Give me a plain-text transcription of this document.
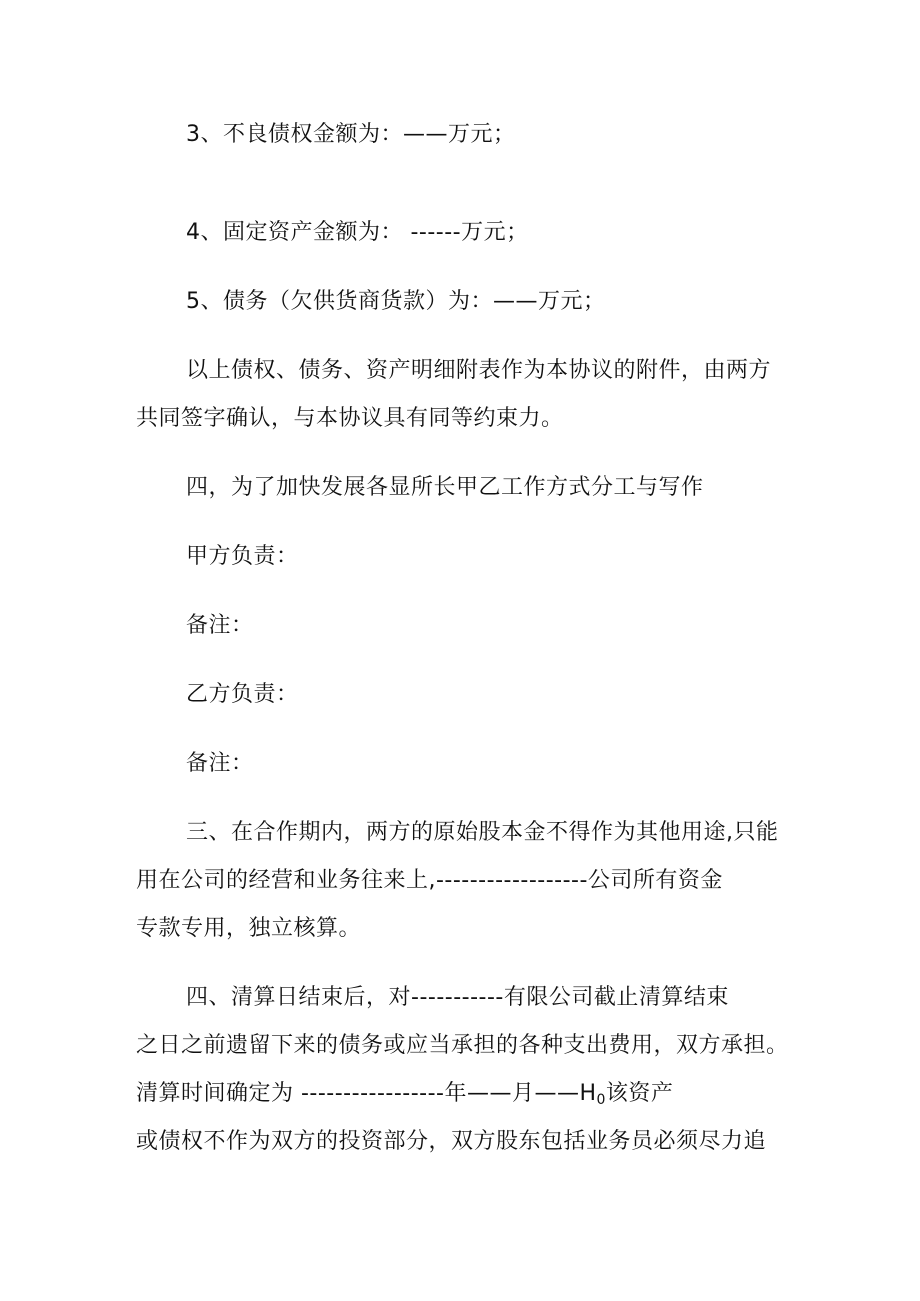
3、不良债权金额为：——万元；
4、固定资产金额为： ------万元；
5、债务（欠供货商货款）为：——万元；
以上债权、债务、资产明细附表作为本协议的附件，由两方
共同签字确认，与本协议具有同等约束力。
四，为了加快发展各显所长甲乙工作方式分工与写作
甲方负责：
备注：
乙方负责：
备注：
三、在合作期内，两方的原始股本金不得作为其他用途,只能
用在公司的经营和业务往来上,------------------公司所有资金
专款专用，独立核算。
四、清算日结束后，对-----------有限公司截止清算结束
之日之前遗留下来的债务或应当承担的各种支出费用，双方承担。
清算时间确定为 -----------------年——月$——H_0$该资产
或债权不作为双方的投资部分，双方股东包括业务员必须尽力追
